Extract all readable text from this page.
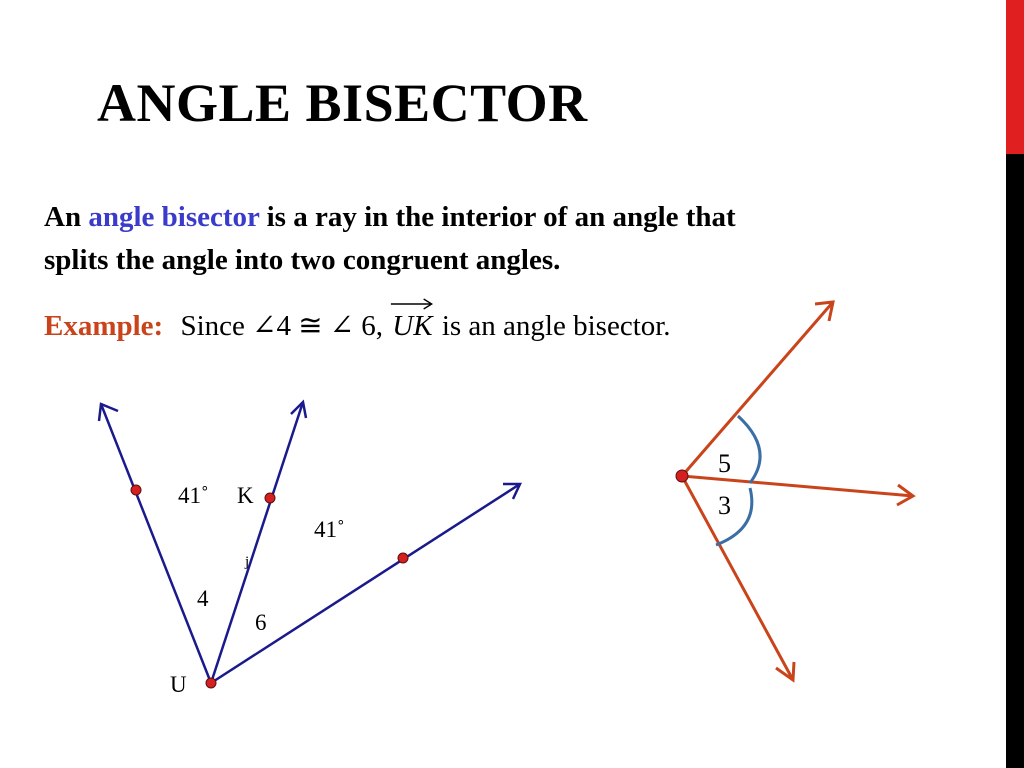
ANGLE BISECTOR

An angle bisector is a ray in the interior of an angle that
splits the angle into two congruent angles.

Example: Since ∠4 ≅ ∠ 6, UK is an angle bisector.

U
K
41˚
41˚
j
4
6
5
3
